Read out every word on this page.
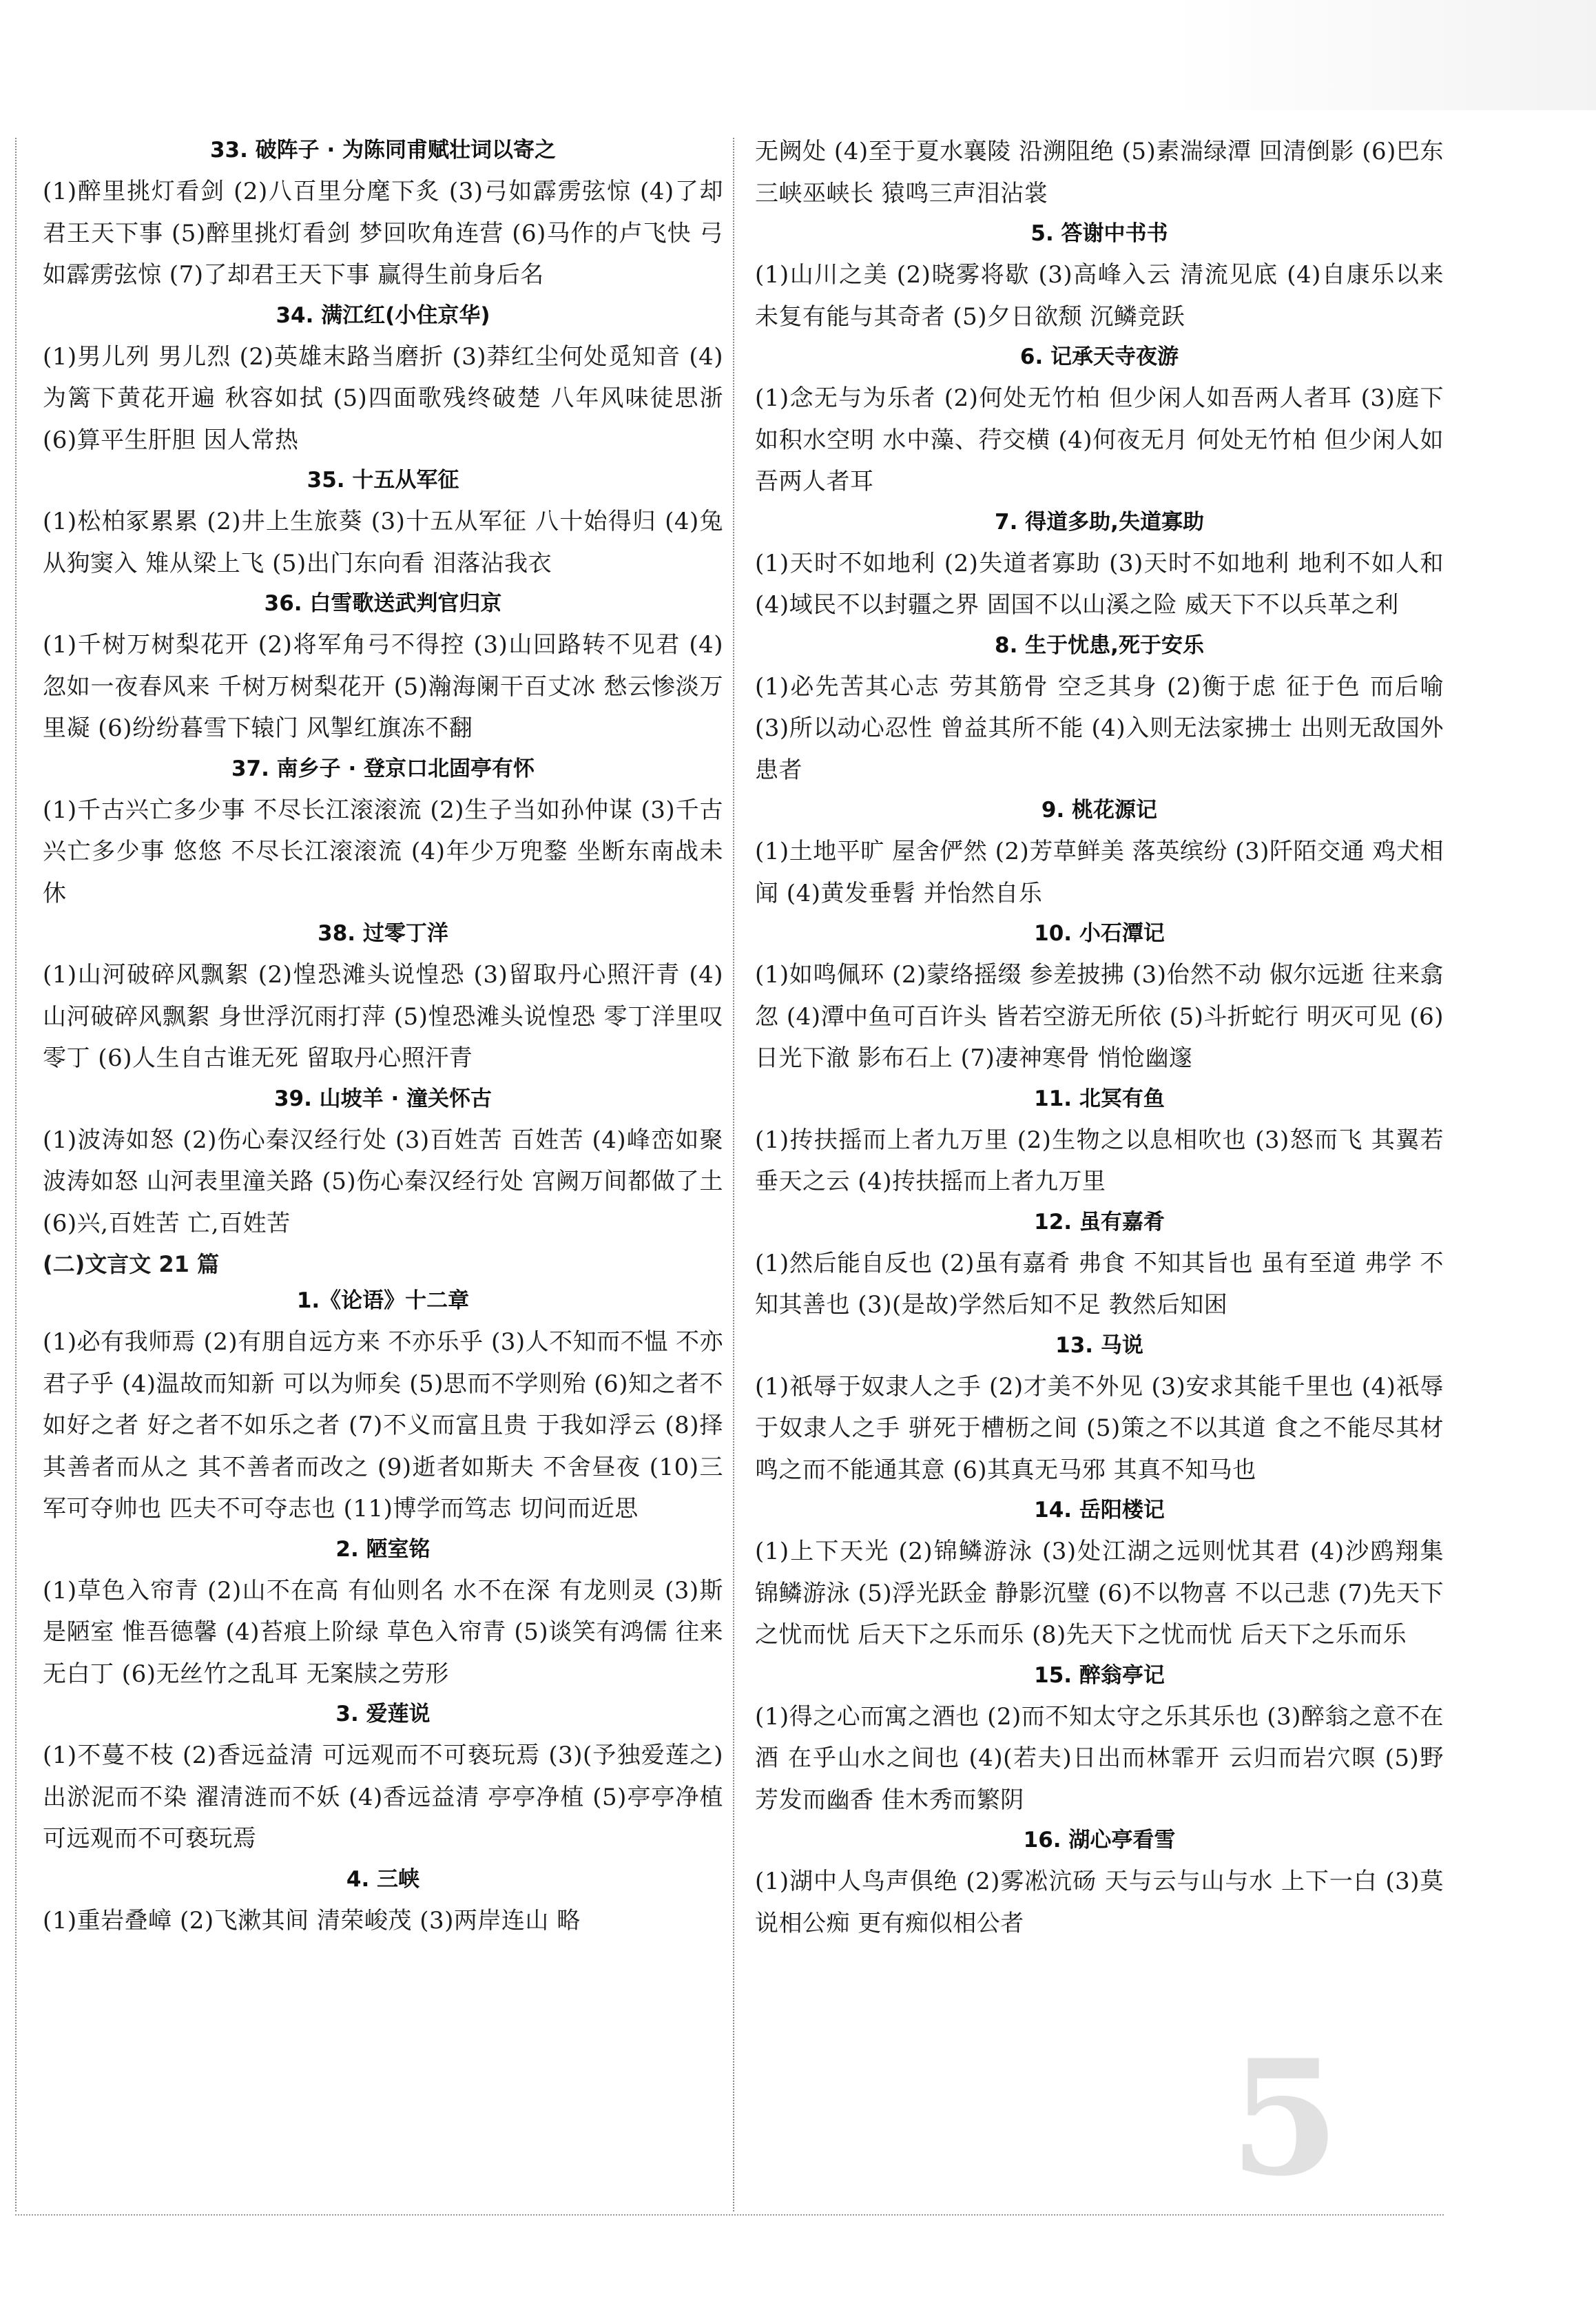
33. 破阵子 · 为陈同甫赋壮词以寄之

(1)醉里挑灯看剑 (2)八百里分麾下炙 (3)弓如霹雳弦惊 (4)了却君王天下事 (5)醉里挑灯看剑 梦回吹角连营 (6)马作的卢飞快 弓如霹雳弦惊 (7)了却君王天下事 赢得生前身后名

34. 满江红(小住京华)

(1)男儿列 男儿烈 (2)英雄末路当磨折 (3)莽红尘何处觅知音 (4)为篱下黄花开遍 秋容如拭 (5)四面歌残终破楚 八年风味徒思浙 (6)算平生肝胆 因人常热

35. 十五从军征

(1)松柏冢累累 (2)井上生旅葵 (3)十五从军征 八十始得归 (4)兔从狗窦入 雉从梁上飞 (5)出门东向看 泪落沾我衣

36. 白雪歌送武判官归京

(1)千树万树梨花开 (2)将军角弓不得控 (3)山回路转不见君 (4)忽如一夜春风来 千树万树梨花开 (5)瀚海阑干百丈冰 愁云惨淡万里凝 (6)纷纷暮雪下辕门 风掣红旗冻不翻

37. 南乡子 · 登京口北固亭有怀

(1)千古兴亡多少事 不尽长江滚滚流 (2)生子当如孙仲谋 (3)千古兴亡多少事 悠悠 不尽长江滚滚流 (4)年少万兜鍪 坐断东南战未休

38. 过零丁洋

(1)山河破碎风飘絮 (2)惶恐滩头说惶恐 (3)留取丹心照汗青 (4)山河破碎风飘絮 身世浮沉雨打萍 (5)惶恐滩头说惶恐 零丁洋里叹零丁 (6)人生自古谁无死 留取丹心照汗青

39. 山坡羊 · 潼关怀古

(1)波涛如怒 (2)伤心秦汉经行处 (3)百姓苦 百姓苦 (4)峰峦如聚 波涛如怒 山河表里潼关路 (5)伤心秦汉经行处 宫阙万间都做了土 (6)兴,百姓苦 亡,百姓苦

(二)文言文 21 篇
1.《论语》十二章

(1)必有我师焉 (2)有朋自远方来 不亦乐乎 (3)人不知而不愠 不亦君子乎 (4)温故而知新 可以为师矣 (5)思而不学则殆 (6)知之者不如好之者 好之者不如乐之者 (7)不义而富且贵 于我如浮云 (8)择其善者而从之 其不善者而改之 (9)逝者如斯夫 不舍昼夜 (10)三军可夺帅也 匹夫不可夺志也 (11)博学而笃志 切问而近思

2. 陋室铭

(1)草色入帘青 (2)山不在高 有仙则名 水不在深 有龙则灵 (3)斯是陋室 惟吾德馨 (4)苔痕上阶绿 草色入帘青 (5)谈笑有鸿儒 往来无白丁 (6)无丝竹之乱耳 无案牍之劳形

3. 爱莲说

(1)不蔓不枝 (2)香远益清 可远观而不可亵玩焉 (3)(予独爱莲之)出淤泥而不染 濯清涟而不妖 (4)香远益清 亭亭净植 (5)亭亭净植 可远观而不可亵玩焉

4. 三峡

(1)重岩叠嶂 (2)飞漱其间 清荣峻茂 (3)两岸连山 略

无阙处 (4)至于夏水襄陵 沿溯阻绝 (5)素湍绿潭 回清倒影 (6)巴东三峡巫峡长 猿鸣三声泪沾裳

5. 答谢中书书

(1)山川之美 (2)晓雾将歇 (3)高峰入云 清流见底 (4)自康乐以来 未复有能与其奇者 (5)夕日欲颓 沉鳞竞跃

6. 记承天寺夜游

(1)念无与为乐者 (2)何处无竹柏 但少闲人如吾两人者耳 (3)庭下如积水空明 水中藻、荇交横 (4)何夜无月 何处无竹柏 但少闲人如吾两人者耳

7. 得道多助,失道寡助

(1)天时不如地利 (2)失道者寡助 (3)天时不如地利 地利不如人和 (4)域民不以封疆之界 固国不以山溪之险 威天下不以兵革之利

8. 生于忧患,死于安乐

(1)必先苦其心志 劳其筋骨 空乏其身 (2)衡于虑 征于色 而后喻 (3)所以动心忍性 曾益其所不能 (4)入则无法家拂士 出则无敌国外患者

9. 桃花源记

(1)土地平旷 屋舍俨然 (2)芳草鲜美 落英缤纷 (3)阡陌交通 鸡犬相闻 (4)黄发垂髫 并怡然自乐

10. 小石潭记

(1)如鸣佩环 (2)蒙络摇缀 参差披拂 (3)佁然不动 俶尔远逝 往来翕忽 (4)潭中鱼可百许头 皆若空游无所依 (5)斗折蛇行 明灭可见 (6)日光下澈 影布石上 (7)凄神寒骨 悄怆幽邃

11. 北冥有鱼

(1)抟扶摇而上者九万里 (2)生物之以息相吹也 (3)怒而飞 其翼若垂天之云 (4)抟扶摇而上者九万里

12. 虽有嘉肴

(1)然后能自反也 (2)虽有嘉肴 弗食 不知其旨也 虽有至道 弗学 不知其善也 (3)(是故)学然后知不足 教然后知困

13. 马说

(1)祇辱于奴隶人之手 (2)才美不外见 (3)安求其能千里也 (4)祇辱于奴隶人之手 骈死于槽枥之间 (5)策之不以其道 食之不能尽其材 鸣之而不能通其意 (6)其真无马邪 其真不知马也

14. 岳阳楼记

(1)上下天光 (2)锦鳞游泳 (3)处江湖之远则忧其君 (4)沙鸥翔集 锦鳞游泳 (5)浮光跃金 静影沉璧 (6)不以物喜 不以己悲 (7)先天下之忧而忧 后天下之乐而乐 (8)先天下之忧而忧 后天下之乐而乐

15. 醉翁亭记

(1)得之心而寓之酒也 (2)而不知太守之乐其乐也 (3)醉翁之意不在酒 在乎山水之间也 (4)(若夫)日出而林霏开 云归而岩穴暝 (5)野芳发而幽香 佳木秀而繁阴

16. 湖心亭看雪

(1)湖中人鸟声俱绝 (2)雾凇沆砀 天与云与山与水 上下一白 (3)莫说相公痴 更有痴似相公者

5
